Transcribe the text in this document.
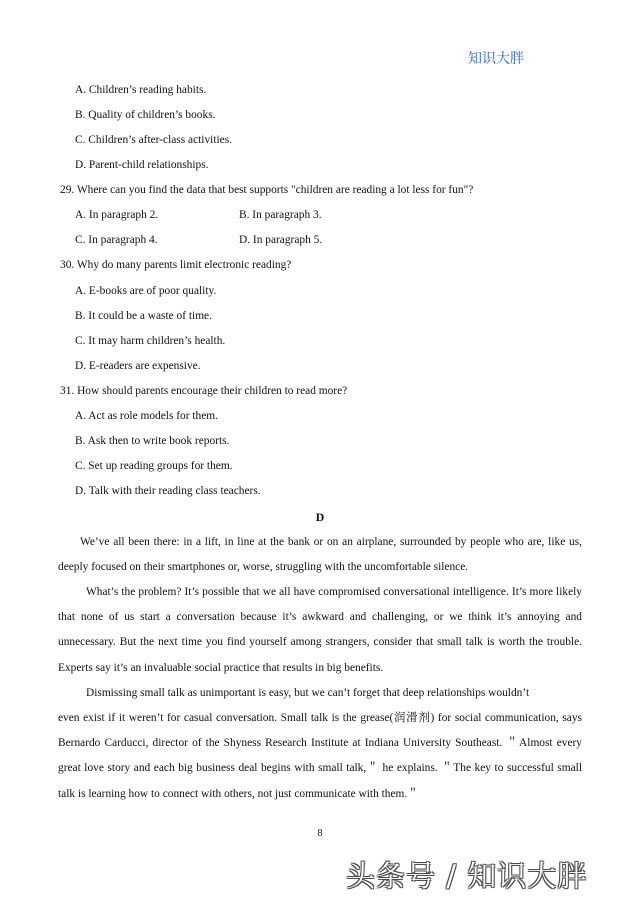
知识大胖
A. Children’s reading habits.
B. Quality of children’s books.
C. Children’s after-class activities.
D. Parent-child relationships.
29. Where can you find the data that best supports "children are reading a lot less for fun"?
A. In paragraph 2.	B. In paragraph 3.
C. In paragraph 4.	D. In paragraph 5.
30. Why do many parents limit electronic reading?
A. E-books are of poor quality.
B. It could be a waste of time.
C. It may harm children’s health.
D. E-readers are expensive.
31. How should parents encourage their children to read more?
A. Act as role models for them.
B. Ask then to write book reports.
C. Set up reading groups for them.
D. Talk with their reading class teachers.
D
We’ve all been there: in a lift, in line at the bank or on an airplane, surrounded by people who are, like us, deeply focused on their smartphones or, worse, struggling with the uncomfortable silence.
What’s the problem? It’s possible that we all have compromised conversational intelligence. It’s more likely that none of us start a conversation because it’s awkward and challenging, or we think it’s annoying and unnecessary. But the next time you find yourself among strangers, consider that small talk is worth the trouble. Experts say it’s an invaluable social practice that results in big benefits.
Dismissing small talk as unimportant is easy, but we can’t forget that deep relationships wouldn’t
even exist if it weren’t for casual conversation. Small talk is the grease(润滑剂) for social communication, says Bernardo Carducci, director of the Shyness Research Institute at Indiana University Southeast. ＂Almost every great love story and each big business deal begins with small talk,＂ he explains. ＂The key to successful small talk is learning how to connect with others, not just communicate with them.＂
8
头条号 / 知识大胖
